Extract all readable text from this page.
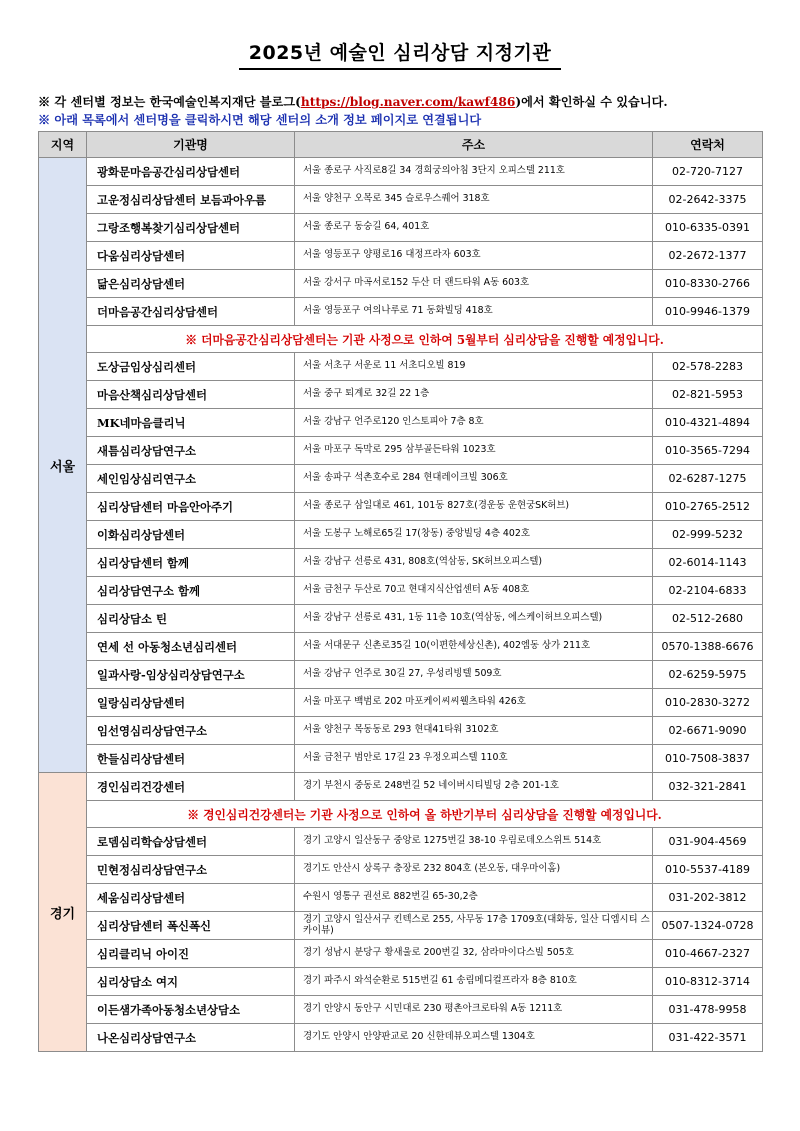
2025년 예술인 심리상담 지정기관
※ 각 센터별 정보는 한국예술인복지재단 블로그(https://blog.naver.com/kawf486)에서 확인하실 수 있습니다.
※ 아래 목록에서 센터명을 클릭하시면 해당 센터의 소개 정보 페이지로 연결됩니다
지역	기관명	주소	연락처
서울	광화문마음공간심리상담센터	서울 종로구 사직로8길 34 경희궁의아침 3단지 오피스텔 211호	02-720-7127
	고운정심리상담센터 보듬과아우름	서울 양천구 오목로 345 슬로우스퀘어 318호	02-2642-3375
	그랑조행복찾기심리상담센터	서울 종로구 동숭길 64, 401호	010-6335-0391
	다움심리상담센터	서울 영등포구 양평로16 대정프라자 603호	02-2672-1377
	닮은심리상담센터	서울 강서구 마곡서로152 두산 더 랜드타워 A동 603호	010-8330-2766
	더마음공간심리상담센터	서울 영등포구 여의나루로 71 동화빌딩 418호	010-9946-1379
	※ 더마음공간심리상담센터는 기관 사정으로 인하여 5월부터 심리상담을 진행할 예정입니다.		
	도상금임상심리센터	서울 서초구 서운로 11 서초디오빌 819	02-578-2283
	마음산책심리상담센터	서울 중구 퇴계로 32길 22 1층	02-821-5953
	MK네마음클리닉	서울 강남구 언주로120 인스토피아 7층 8호	010-4321-4894
	새틈심리상담연구소	서울 마포구 독막로 295 삼부골든타워 1023호	010-3565-7294
	세인임상심리연구소	서울 송파구 석촌호수로 284 현대레이크빌 306호	02-6287-1275
	심리상담센터 마음안아주기	서울 종로구 삼일대로 461, 101동 827호(경운동 운현궁SK허브)	010-2765-2512
	이화심리상담센터	서울 도봉구 노해로65길 17(창동) 중앙빌딩 4층 402호	02-999-5232
	심리상담센터 함께	서울 강남구 선릉로 431, 808호(역삼동, SK허브오피스텔)	02-6014-1143
	심리상담연구소 함께	서울 금천구 두산로 70고 현대지식산업센터 A동 408호	02-2104-6833
	심리상담소 틴	서울 강남구 선릉로 431, 1동 11층 10호(역삼동, 에스케이허브오피스텔)	02-512-2680
	연세 선 아동청소년심리센터	서울 서대문구 신촌로35길 10(이편한세상신촌), 402엠동 상가 211호	0570-1388-6676
	일과사랑-임상심리상담연구소	서울 강남구 언주로 30길 27, 우성리빙텔 509호	02-6259-5975
	일랑심리상담센터	서울 마포구 백범로 202 마포케이씨씨웰츠타워 426호	010-2830-3272
	임선영심리상담연구소	서울 양천구 목동동로 293 현대41타워 3102호	02-6671-9090
	한들심리상담센터	서울 금천구 범안로 17길 23 우정오피스텔 110호	010-7508-3837
경기	경인심리건강센터	경기 부천시 중동로 248번길 52 네이버시티빌딩 2층 201-1호	032-321-2841
	※ 경인심리건강센터는 기관 사정으로 인하여 올 하반기부터 심리상담을 진행할 예정입니다.		
	로뎀심리학습상담센터	경기 고양시 일산동구 중앙로 1275번길 38-10 우림로데오스위트 514호	031-904-4569
	민현정심리상담연구소	경기도 안산시 상록구 충장로 232 804호 (본오동, 대우마이홈)	010-5537-4189
	세움심리상담센터	수원시 영통구 권선로 882번길 65-30,2층	031-202-3812
	심리상담센터 폭신폭신	경기 고양시 일산서구 킨텍스로 255, 사무동 17층 1709호(대화동, 일산 디엠시티 스카이뷰)	0507-1324-0728
	심리클리닉 아이진	경기 성남시 분당구 황새울로 200번길 32, 삼라마이다스빌 505호	010-4667-2327
	심리상담소 여지	경기 파주시 와석순환로 515번길 61 송림메디컬프라자 8층 810호	010-8312-3714
	이든샘가족아동청소년상담소	경기 안양시 동안구 시민대로 230 평촌아크로타워 A동 1211호	031-478-9958
	나온심리상담연구소	경기도 안양시 안양판교로 20 신한데뷰오피스텔 1304호	031-422-3571
